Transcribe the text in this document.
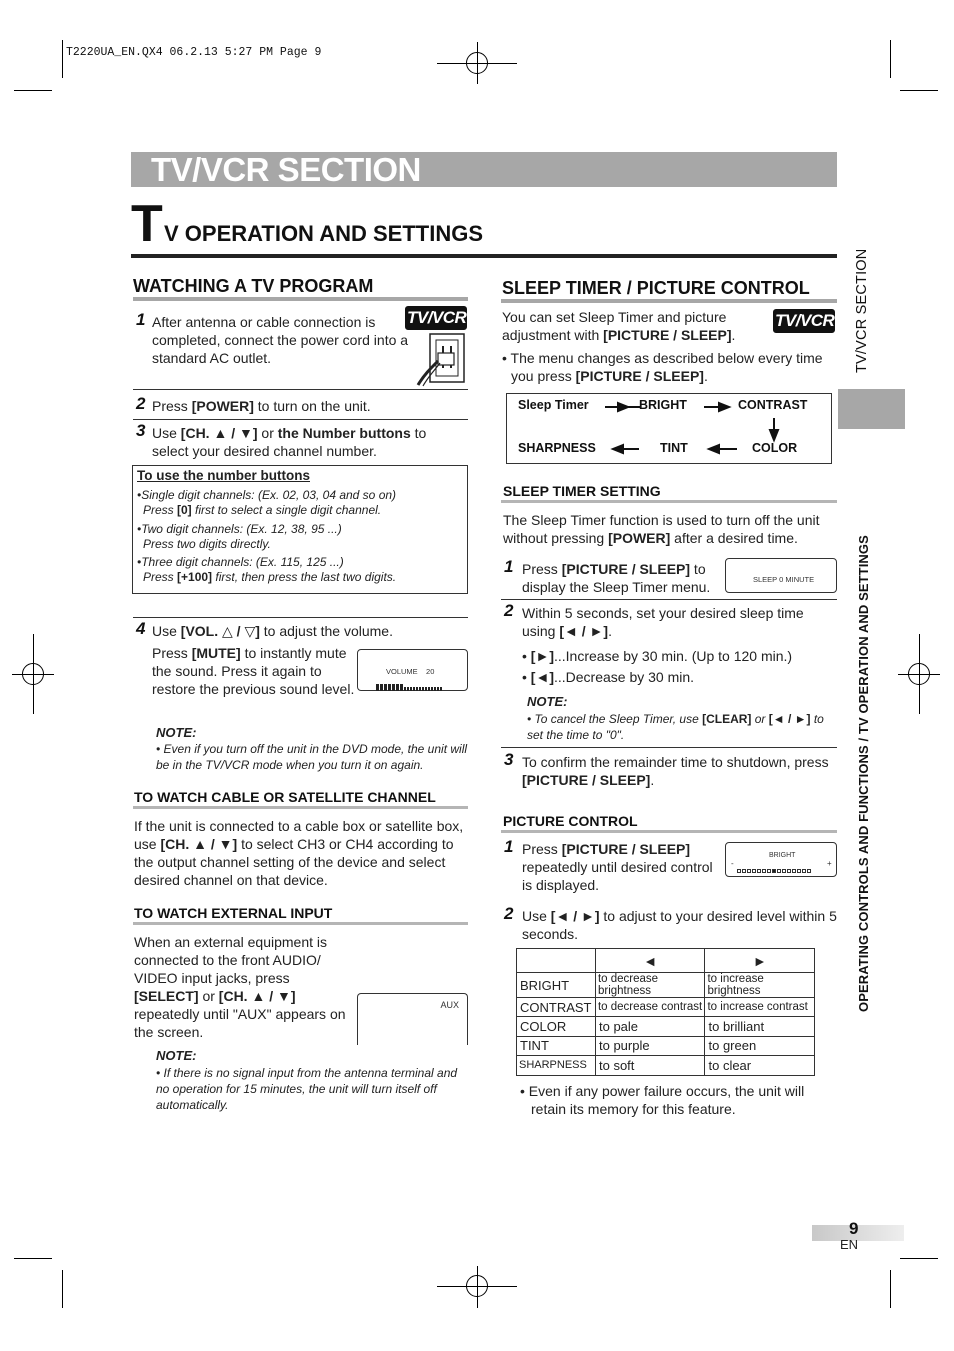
T2220UA_EN.QX4 06.2.13 5:27 PM Page 9
TV/VCR SECTION
T V OPERATION AND SETTINGS
WATCHING A TV PROGRAM
TV/VCR
1 After antenna or cable connection is completed, connect the power cord into a standard AC outlet.
2 Press [POWER] to turn on the unit.
3 Use [CH. ▲ / ▼] or the Number buttons to select your desired channel number.
To use the number buttons
•Single digit channels: (Ex. 02, 03, 04 and so on)
Press [0] first to select a single digit channel.
•Two digit channels: (Ex. 12, 38, 95 ...)
Press two digits directly.
•Three digit channels: (Ex. 115, 125 ...)
Press [+100] first, then press the last two digits.
4 Use [VOL. △ / ▽] to adjust the volume.
Press [MUTE] to instantly mute the sound. Press it again to restore the previous sound level.
VOLUME 20
NOTE:
• Even if you turn off the unit in the DVD mode, the unit will be in the TV/VCR mode when you turn it on again.
TO WATCH CABLE OR SATELLITE CHANNEL
If the unit is connected to a cable box or satellite box, use [CH. ▲ / ▼] to select CH3 or CH4 according to the output channel setting of the device and select desired channel on that device.
TO WATCH EXTERNAL INPUT
When an external equipment is connected to the front AUDIO/ VIDEO input jacks, press [SELECT] or [CH. ▲ / ▼] repeatedly until "AUX" appears on the screen.
AUX
NOTE:
• If there is no signal input from the antenna terminal and no operation for 15 minutes, the unit will turn itself off automatically.
SLEEP TIMER / PICTURE CONTROL
TV/VCR
You can set Sleep Timer and picture adjustment with [PICTURE / SLEEP].
• The menu changes as described below every time you press [PICTURE / SLEEP].
Sleep Timer	BRIGHT	CONTRAST
SHARPNESS	TINT	COLOR
SLEEP TIMER SETTING
The Sleep Timer function is used to turn off the unit without pressing [POWER] after a desired time.
1 Press [PICTURE / SLEEP] to display the Sleep Timer menu.	SLEEP 0 MINUTE
2 Within 5 seconds, set your desired sleep time using [◄ / ►].
• [►]...Increase by 30 min. (Up to 120 min.)
• [◄]...Decrease by 30 min.
NOTE:
• To cancel the Sleep Timer, use [CLEAR] or [◄ / ►] to set the time to "0".
3 To confirm the remainder time to shutdown, press [PICTURE / SLEEP].
PICTURE CONTROL
1 Press [PICTURE / SLEEP] repeatedly until desired control is displayed.
BRIGHT
-	+
2 Use [◄ / ►] to adjust to your desired level within 5 seconds.
	◄	►
BRIGHT	to decrease brightness	to increase brightness
CONTRAST	to decrease contrast	to increase contrast
COLOR	to pale	to brilliant
TINT	to purple	to green
SHARPNESS	to soft	to clear
• Even if any power failure occurs, the unit will retain its memory for this feature.
TV/VCR SECTION
OPERATING CONTROLS AND FUNCTIONS / TV OPERATION AND SETTINGS
9
EN
